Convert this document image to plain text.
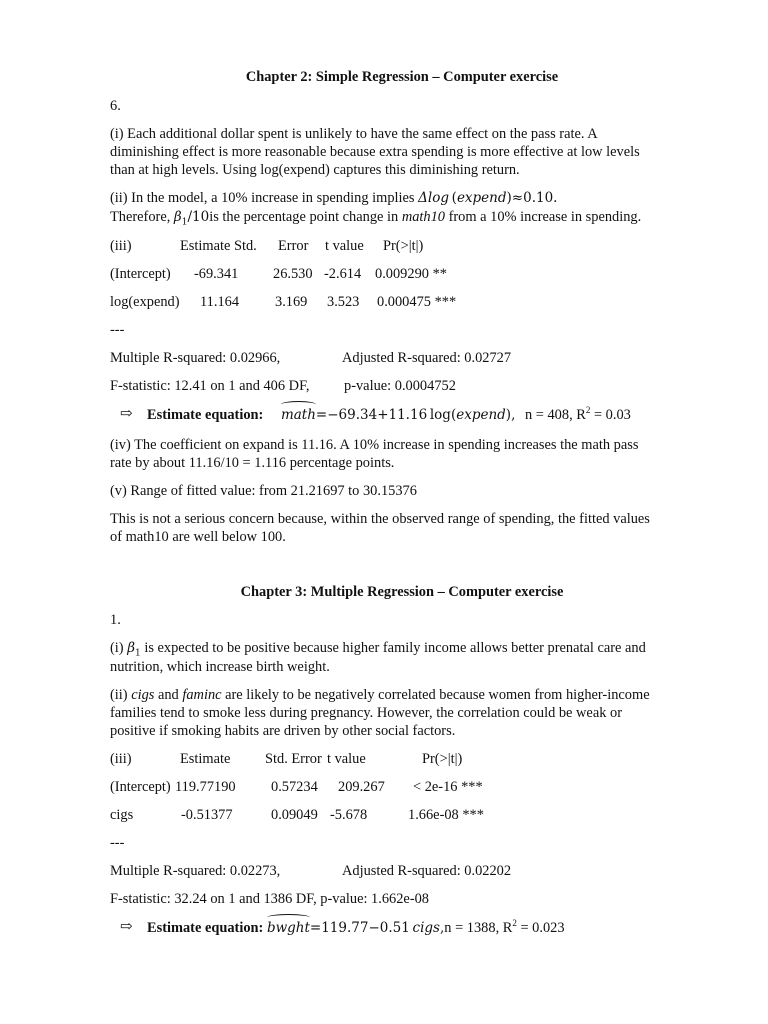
Chapter 2: Simple Regression – Computer exercise
6.
(i) Each additional dollar spent is unlikely to have the same effect on the pass rate. A
diminishing effect is more reasonable because extra spending is more effective at low levels
than at high levels. Using log(expend) captures this diminishing return.
(ii) In the model, a 10% increase in spending implies Δlog (expend)≈0.10.
Therefore, $\beta_1/10is$ the percentage point change in math10 from a 10% increase in spending.
(iii)	Estimate Std. Error t value Pr(>|t|)
(Intercept) -69.341 26.530 -2.614 0.009290 **
log(expend) 11.164 3.169 3.523 0.000475 ***
---
Multiple R-squared: 0.02966,	Adjusted R-squared: 0.02727
F-statistic: 12.41 on 1 and 406 DF, p-value: 0.0004752
⇨ Estimate equation: math=−69.34+11.16 log(expend), n = 408, $R^2 = 0.03$
(iv) The coefficient on expand is 11.16. A 10% increase in spending increases the math pass
rate by about 11.16/10 = 1.116 percentage points.
(v) Range of fitted value: from 21.21697 to 30.15376
This is not a serious concern because, within the observed range of spending, the fitted values
of math10 are well below 100.
Chapter 3: Multiple Regression – Computer exercise
1.
(i) $\beta_1$ is expected to be positive because higher family income allows better prenatal care and
nutrition, which increase birth weight.
(ii) cigs and faminc are likely to be negatively correlated because women from higher-income
families tend to smoke less during pregnancy. However, the correlation could be weak or
positive if smoking habits are driven by other social factors.
(iii)	Estimate Std. Error t value	Pr(>|t|)
(Intercept) 119.77190 0.57234 209.267 < 2e-16 ***
cigs	-0.51377	0.09049 -5.678	1.66e-08 ***
---
Multiple R-squared: 0.02273,	Adjusted R-squared: 0.02202
F-statistic: 32.24 on 1 and 1386 DF, p-value: 1.662e-08
⇨ Estimate equation: bwght=119.77−0.51  cigs,n = 1388, $R^2 = 0.023$
